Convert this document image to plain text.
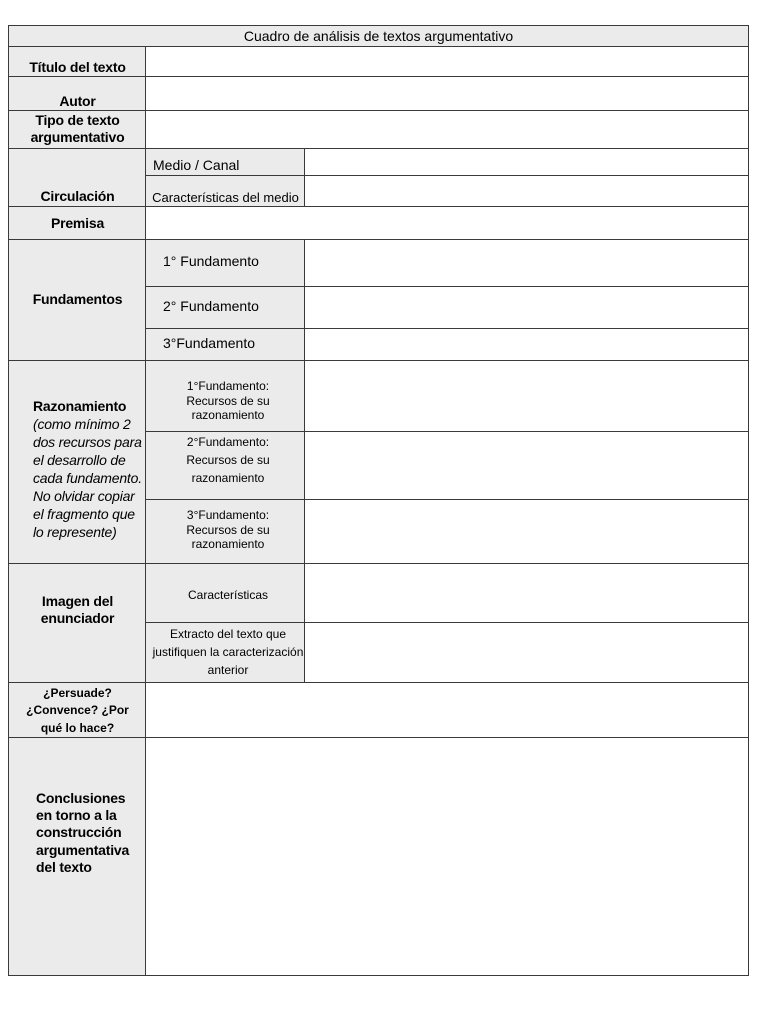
Cuadro de análisis de textos argumentativo
Título del texto
Autor
Tipo de texto
argumentativo
Circulación
Premisa
Fundamentos
Razonamiento
(como mínimo 2 dos recursos para el desarrollo de cada fundamento. No olvidar copiar el fragmento que lo represente)
Imagen del
enunciador
¿Persuade?
¿Convence? ¿Por
qué lo hace?
Conclusiones
en torno a la
construcción
argumentativa
del texto
Medio / Canal
Características del medio
1° Fundamento
2° Fundamento
3°Fundamento
1°Fundamento:
Recursos de su
razonamiento
2°Fundamento:
Recursos de su
razonamiento
3°Fundamento:
Recursos de su
razonamiento
Características
Extracto del texto que
justifiquen la caracterización
anterior
